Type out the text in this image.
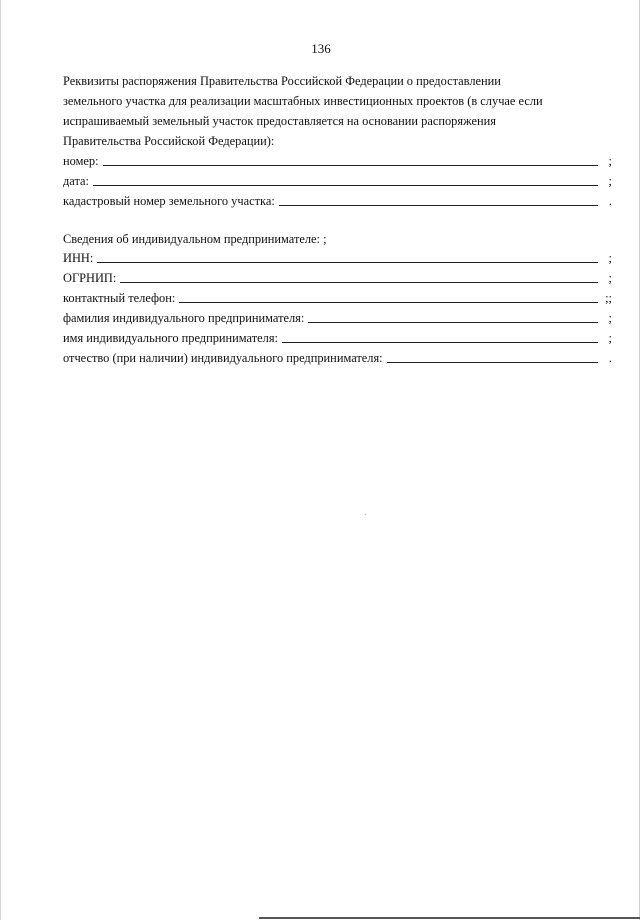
136
Реквизиты распоряжения Правительства Российской Федерации о предоставлении
земельного участка для реализации масштабных инвестиционных проектов (в случае если
испрашиваемый земельный участок предоставляется на основании распоряжения
Правительства Российской Федерации):
номер:	;
дата:	;
кадастровый номер земельного участка:	.
Сведения об индивидуальном предпринимателе: ;
ИНН:	;
ОГРНИП:	;
контактный телефон:	;;
фамилия индивидуального предпринимателя:	;
имя индивидуального предпринимателя:	;
отчество (при наличии) индивидуального предпринимателя:	.
